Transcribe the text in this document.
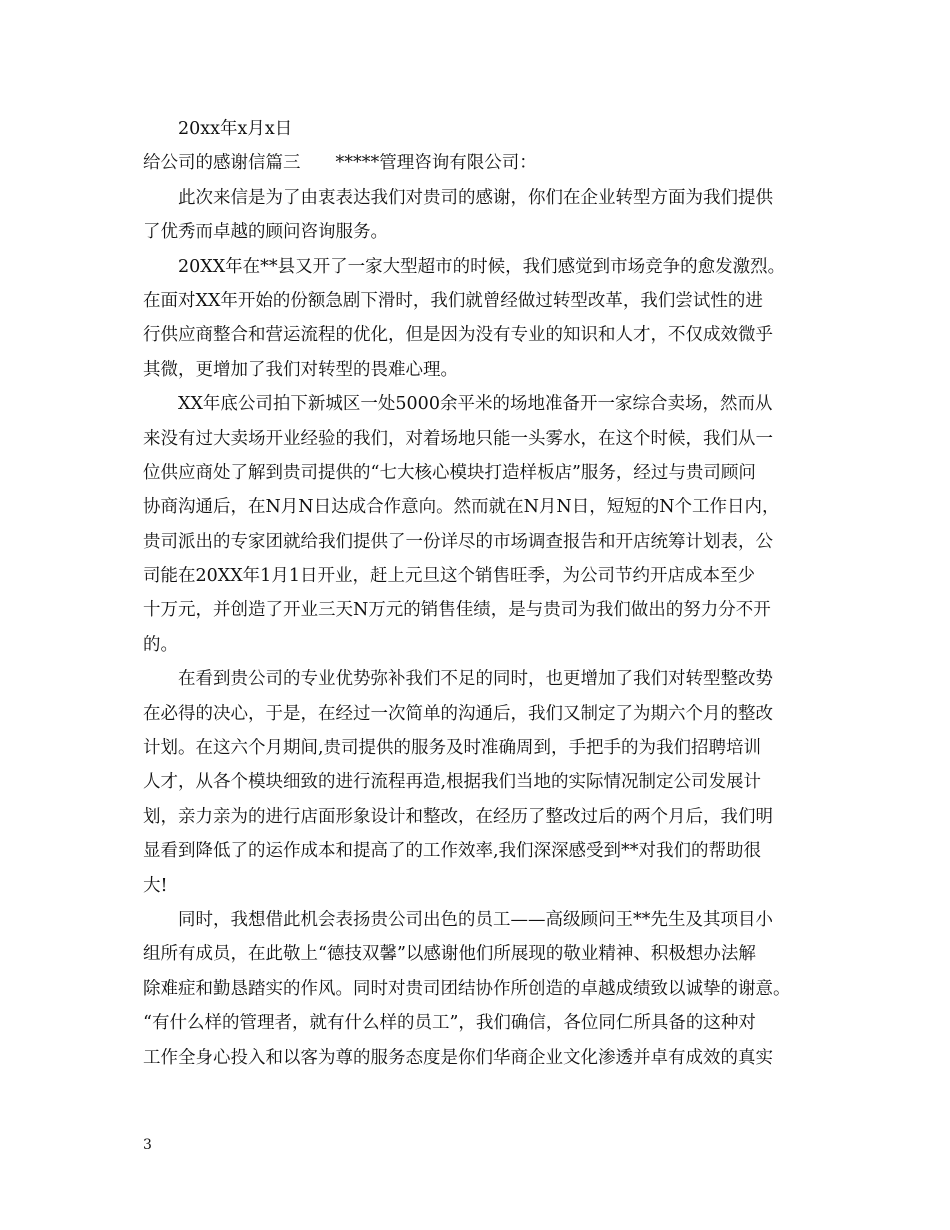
20xx年x月x日
给公司的感谢信篇三　　*****管理咨询有限公司：
此次来信是为了由衷表达我们对贵司的感谢，你们在企业转型方面为我们提供
了优秀而卓越的顾问咨询服务。
20XX年在**县又开了一家大型超市的时候，我们感觉到市场竞争的愈发激烈。
在面对XX年开始的份额急剧下滑时，我们就曾经做过转型改革，我们尝试性的进
行供应商整合和营运流程的优化，但是因为没有专业的知识和人才，不仅成效微乎
其微，更增加了我们对转型的畏难心理。
XX年底公司拍下新城区一处5000余平米的场地准备开一家综合卖场，然而从
来没有过大卖场开业经验的我们，对着场地只能一头雾水，在这个时候，我们从一
位供应商处了解到贵司提供的“七大核心模块打造样板店”服务，经过与贵司顾问
协商沟通后，在N月N日达成合作意向。然而就在N月N日，短短的N个工作日内，
贵司派出的专家团就给我们提供了一份详尽的市场调查报告和开店统筹计划表，公
司能在20XX年1月1日开业，赶上元旦这个销售旺季，为公司节约开店成本至少
十万元，并创造了开业三天N万元的销售佳绩，是与贵司为我们做出的努力分不开
的。
在看到贵公司的专业优势弥补我们不足的同时，也更增加了我们对转型整改势
在必得的决心，于是，在经过一次简单的沟通后，我们又制定了为期六个月的整改
计划。在这六个月期间,贵司提供的服务及时准确周到，手把手的为我们招聘培训
人才，从各个模块细致的进行流程再造,根据我们当地的实际情况制定公司发展计
划，亲力亲为的进行店面形象设计和整改，在经历了整改过后的两个月后，我们明
显看到降低了的运作成本和提高了的工作效率,我们深深感受到**对我们的帮助很
大!
同时，我想借此机会表扬贵公司出色的员工——高级顾问王**先生及其项目小
组所有成员，在此敬上“德技双馨”以感谢他们所展现的敬业精神、积极想办法解
除难症和勤恳踏实的作风。同时对贵司团结协作所创造的卓越成绩致以诚挚的谢意。
“有什么样的管理者，就有什么样的员工”，我们确信，各位同仁所具备的这种对
工作全身心投入和以客为尊的服务态度是你们华商企业文化渗透并卓有成效的真实
3
